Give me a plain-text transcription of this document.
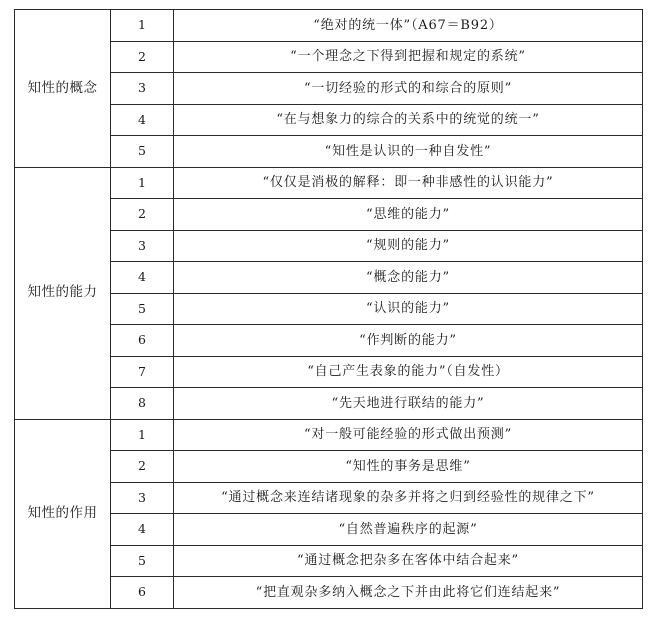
知性的概念	1	“绝对的统一体”（A67＝B92）
	2	“一个理念之下得到把握和规定的系统”
	3	“一切经验的形式的和综合的原则”
	4	“在与想象力的综合的关系中的统觉的统一”
	5	“知性是认识的一种自发性”
知性的能力	1	“仅仅是消极的解释：即一种非感性的认识能力”
	2	“思维的能力”
	3	“规则的能力”
	4	“概念的能力”
	5	“认识的能力”
	6	“作判断的能力”
	7	“自己产生表象的能力”（自发性）
	8	“先天地进行联结的能力”
知性的作用	1	“对一般可能经验的形式做出预测”
	2	“知性的事务是思维”
	3	“通过概念来连结诸现象的杂多并将之归到经验性的规律之下”
	4	“自然普遍秩序的起源”
	5	“通过概念把杂多在客体中结合起来”
	6	“把直观杂多纳入概念之下并由此将它们连结起来”
